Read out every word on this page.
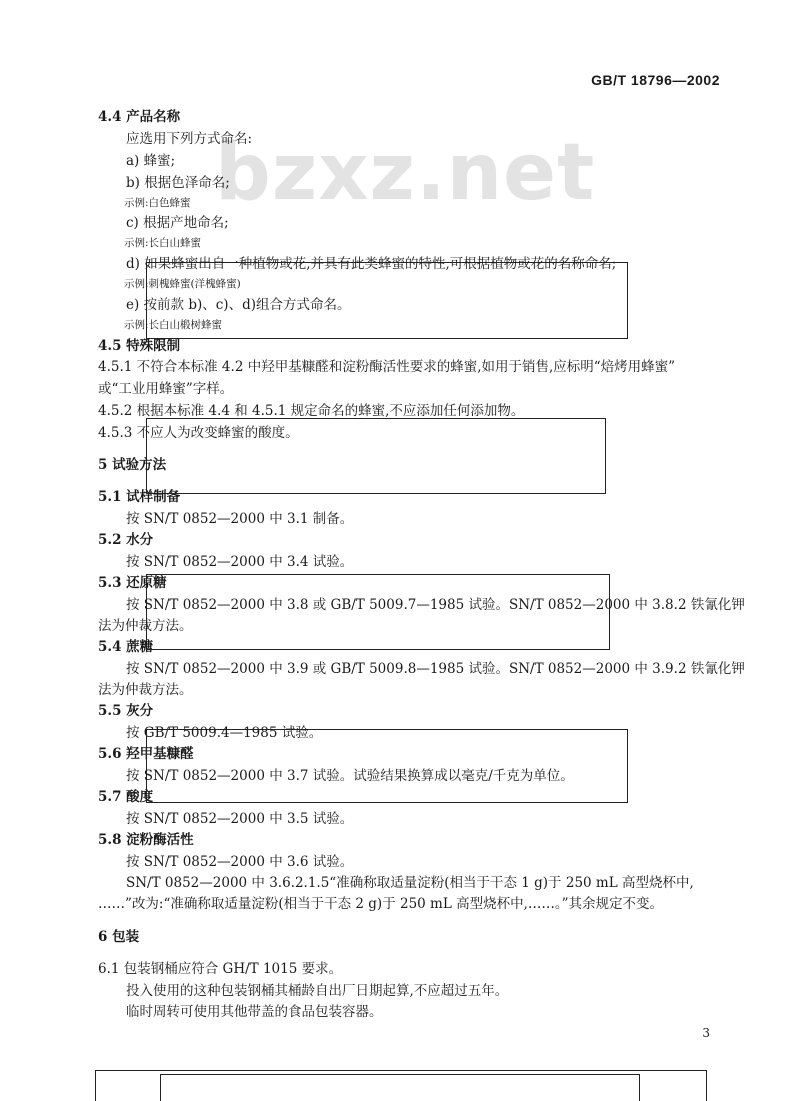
GB/T 18796—2002
bzxz.net
4.4 产品名称
应选用下列方式命名:
a) 蜂蜜;
b) 根据色泽命名;
示例:白色蜂蜜
c) 根据产地命名;
示例:长白山蜂蜜
d) 如果蜂蜜出自一种植物或花,并具有此类蜂蜜的特性,可根据植物或花的名称命名;
示例:刺槐蜂蜜(洋槐蜂蜜)
e) 按前款 b)、c)、d)组合方式命名。
示例:长白山椴树蜂蜜
4.5 特殊限制
4.5.1 不符合本标准 4.2 中羟甲基糠醛和淀粉酶活性要求的蜂蜜,如用于销售,应标明“焙烤用蜂蜜”
或“工业用蜂蜜”字样。
4.5.2 根据本标准 4.4 和 4.5.1 规定命名的蜂蜜,不应添加任何添加物。
4.5.3 不应人为改变蜂蜜的酸度。
5 试验方法
5.1 试样制备
按 SN/T 0852—2000 中 3.1 制备。
5.2 水分
按 SN/T 0852—2000 中 3.4 试验。
5.3 还原糖
按 SN/T 0852—2000 中 3.8 或 GB/T 5009.7—1985 试验。SN/T 0852—2000 中 3.8.2 铁氰化钾
法为仲裁方法。
5.4 蔗糖
按 SN/T 0852—2000 中 3.9 或 GB/T 5009.8—1985 试验。SN/T 0852—2000 中 3.9.2 铁氰化钾
法为仲裁方法。
5.5 灰分
按 GB/T 5009.4—1985 试验。
5.6 羟甲基糠醛
按 SN/T 0852—2000 中 3.7 试验。试验结果换算成以毫克/千克为单位。
5.7 酸度
按 SN/T 0852—2000 中 3.5 试验。
5.8 淀粉酶活性
按 SN/T 0852—2000 中 3.6 试验。
SN/T 0852—2000 中 3.6.2.1.5“准确称取适量淀粉(相当于干态 1 g)于 250 mL 高型烧杯中,
……”改为:“准确称取适量淀粉(相当于干态 2 g)于 250 mL 高型烧杯中,……。”其余规定不变。
6 包装
6.1 包装钢桶应符合 GH/T 1015 要求。
投入使用的这种包装钢桶其桶龄自出厂日期起算,不应超过五年。
临时周转可使用其他带盖的食品包装容器。
3
